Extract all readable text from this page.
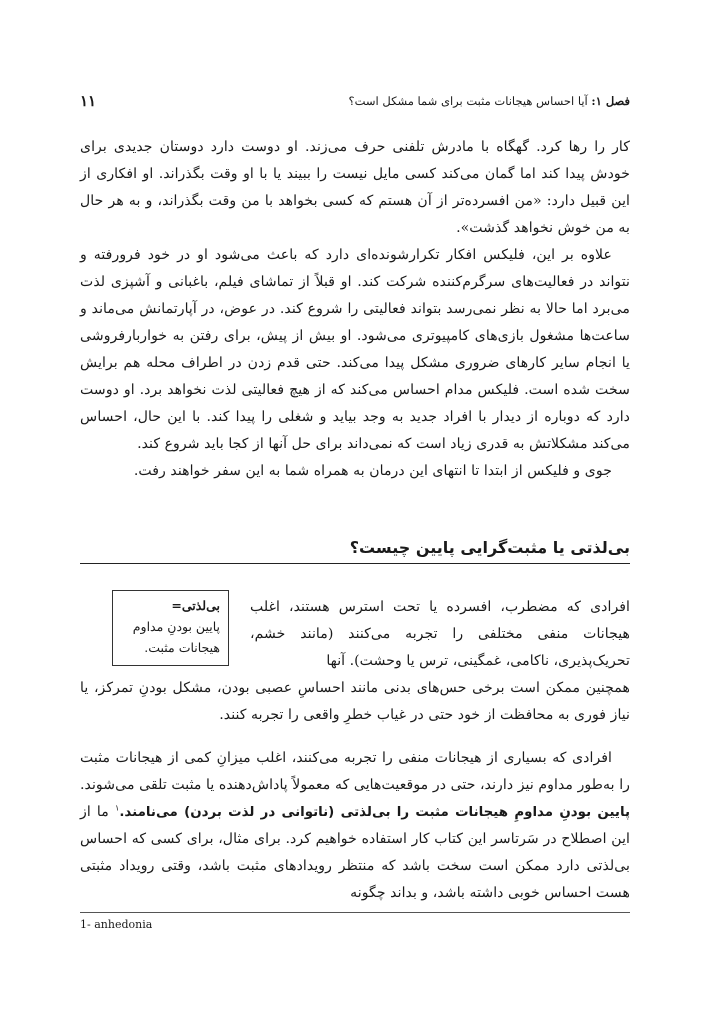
۱۱	فصل ۱: آیا احساس هیجانات مثبت برای شما مشکل است؟

کار را رها کرد. گهگاه با مادرش تلفنی حرف می‌زند. او دوست دارد دوستان جدیدی برای خودش پیدا کند اما گمان می‌کند کسی مایل نیست را ببیند یا با او وقت بگذراند. او افکاری از این قبیل دارد: «من افسرده‌تر از آن هستم که کسی بخواهد با من وقت بگذراند، و به هر حال به من خوش نخواهد گذشت».

علاوه بر این، فلیکس افکار تکرارشونده‌ای دارد که باعث می‌شود او در خود فرورفته و نتواند در فعالیت‌های سرگرم‌کننده شرکت کند. او قبلاً از تماشای فیلم، باغبانی و آشپزی لذت می‌برد اما حالا به نظر نمی‌رسد بتواند فعالیتی را شروع کند. در عوض، در آپارتمانش می‌ماند و ساعت‌ها مشغول بازی‌های کامپیوتری می‌شود. او بیش از پیش، برای رفتن به خواربارفروشی یا انجام سایر کارهای ضروری مشکل پیدا می‌کند. حتی قدم زدن در اطراف محله هم برایش سخت شده است. فلیکس مدام احساس می‌کند که از هیچ فعالیتی لذت نخواهد برد. او دوست دارد که دوباره از دیدار با افراد جدید به وجد بیاید و شغلی را پیدا کند. با این حال، احساس می‌کند مشکلاتش به قدری زیاد است که نمی‌داند برای حل آنها از کجا باید شروع کند.

جوی و فلیکس از ابتدا تا انتهای این درمان به همراه شما به این سفر خواهند رفت.

بی‌لذتی یا مثبت‌گرایی پایین چیست؟
بی‌لذتی=
پایین بودنِ مداوم هیجانات مثبت.

افرادی که مضطرب، افسرده یا تحت استرس هستند، اغلب هیجانات منفی مختلفی را تجربه می‌کنند (مانند خشم، تحریک‌پذیری، ناکامی، غمگینی، ترس یا وحشت). آنها

همچنین ممکن است برخی حس‌های بدنی مانند احساسِ عصبی بودن، مشکل بودنِ تمرکز، یا نیاز فوری به محافظت از خود حتی در غیاب خطرِ واقعی را تجربه کنند.

افرادی که بسیاری از هیجانات منفی را تجربه می‌کنند، اغلب میزانِ کمی از هیجانات مثبت را به‌طور مداوم نیز دارند، حتی در موقعیت‌هایی که معمولاً پاداش‌دهنده یا مثبت تلقی می‌شوند. پایین بودنِ مداومِ هیجانات مثبت را بی‌لذتی (ناتوانی در لذت بردن) می‌نامند.$^۱$ ما از این اصطلاح در سَرتاسر این کتاب کار استفاده خواهیم کرد. برای مثال، برای کسی که احساس بی‌لذتی دارد ممکن است سخت باشد که منتظر رویدادهای مثبت باشد، وقتی رویداد مثبتی هست احساس خوبی داشته باشد، و بداند چگونه

1- anhedonia
